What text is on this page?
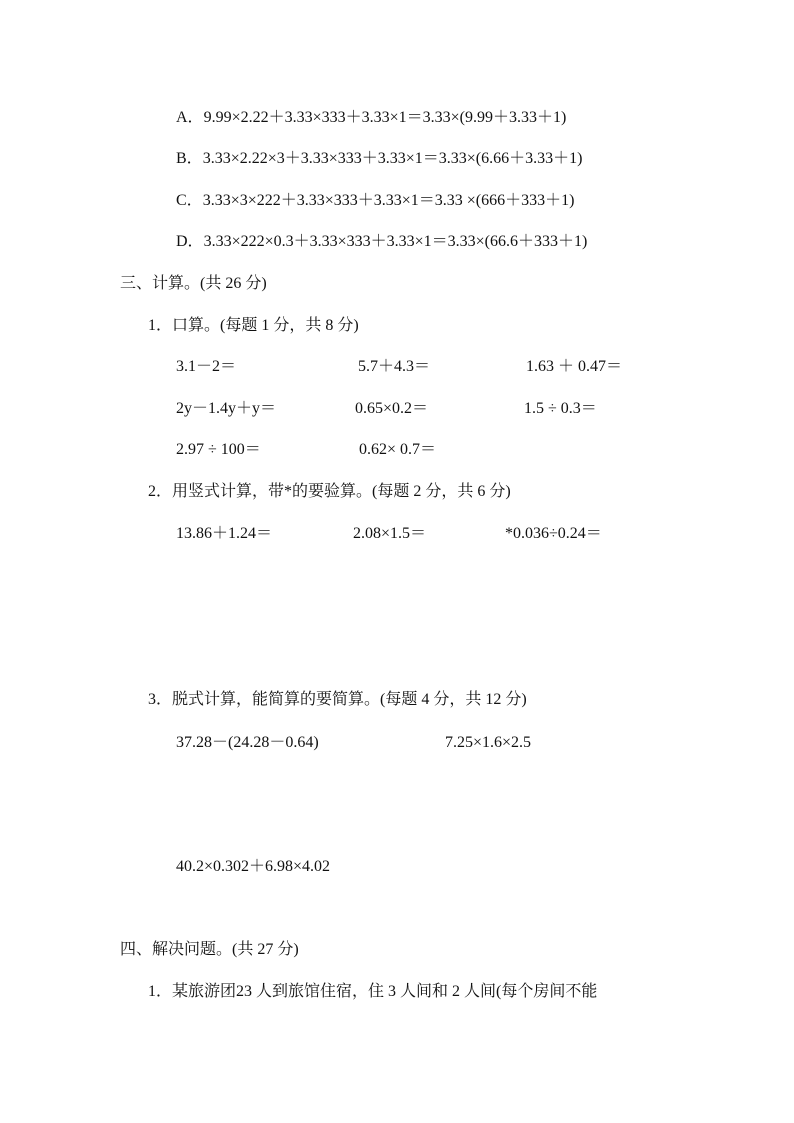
A．9.99×2.22＋3.33×333＋3.33×1＝3.33×(9.99＋3.33＋1)
B．3.33×2.22×3＋3.33×333＋3.33×1＝3.33×(6.66＋3.33＋1)
C．3.33×3×222＋3.33×333＋3.33×1＝3.33 ×(666＋333＋1)
D．3.33×222×0.3＋3.33×333＋3.33×1＝3.33×(66.6＋333＋1)
三、计算。(共 26 分)
1．口算。(每题 1 分，共 8 分)
3.1－2＝	5.7＋4.3＝	1.63 ＋ 0.47＝
2y－1.4y＋y＝	0.65×0.2＝	1.5 ÷ 0.3＝
2.97 ÷ 100＝	0.62× 0.7＝
2．用竖式计算，带*的要验算。(每题 2 分，共 6 分)
13.86＋1.24＝	2.08×1.5＝	*0.036÷0.24＝
3．脱式计算，能简算的要简算。(每题 4 分，共 12 分)
37.28－(24.28－0.64)	7.25×1.6×2.5
40.2×0.302＋6.98×4.02
四、解决问题。(共 27 分)
1．某旅游团23 人到旅馆住宿，住 3 人间和 2 人间(每个房间不能
